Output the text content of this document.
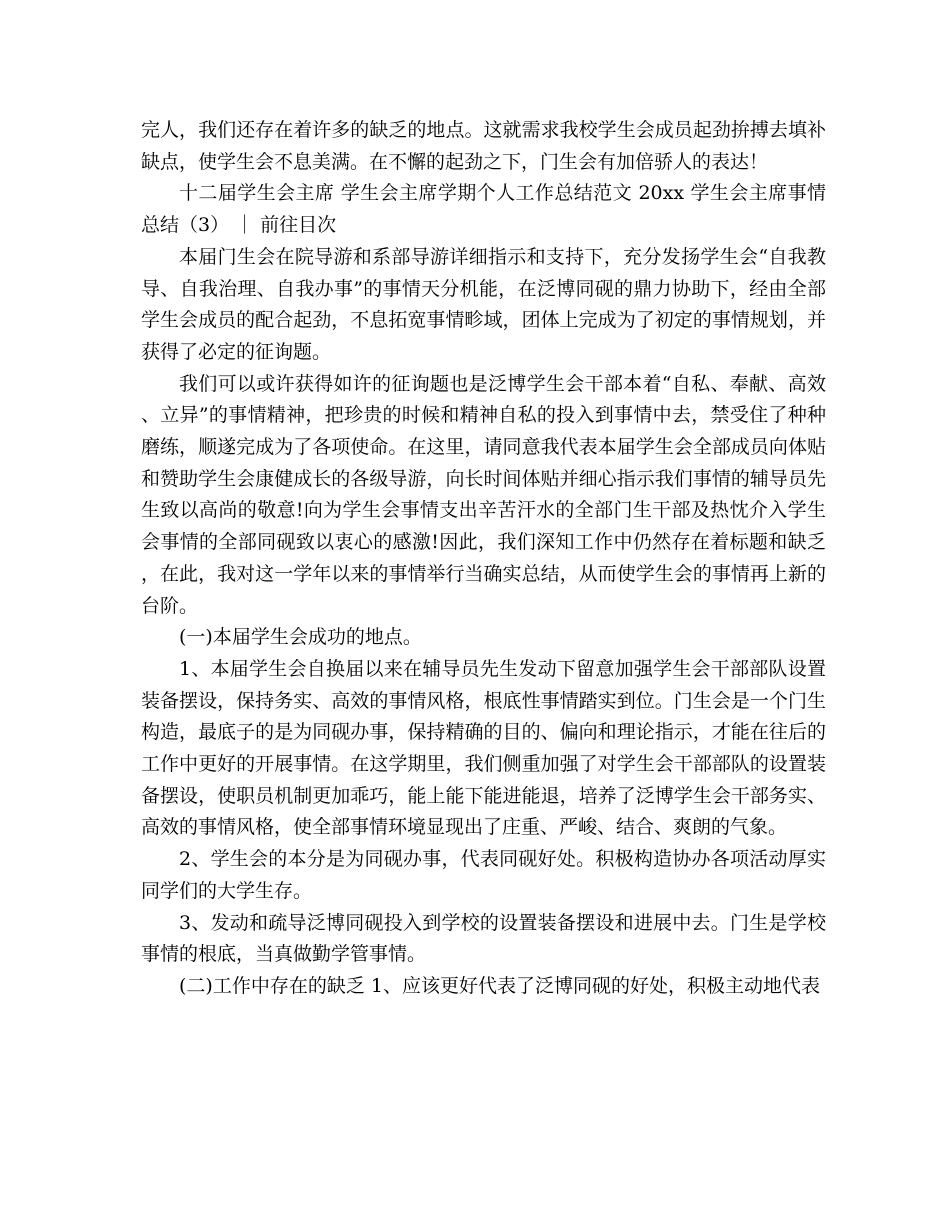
完人，我们还存在着许多的缺乏的地点。这就需求我校学生会成员起劲拚搏去填补缺点，使学生会不息美满。在不懈的起劲之下，门生会有加倍骄人的表达！

十二届学生会主席 学生会主席学期个人工作总结范文 20xx 学生会主席事情总结（3） ｜ 前往目次

本届门生会在院导游和系部导游详细指示和支持下，充分发扬学生会“自我教导、自我治理、自我办事”的事情天分机能，在泛博同砚的鼎力协助下，经由全部学生会成员的配合起劲，不息拓宽事情畛域，团体上完成为了初定的事情规划，并获得了必定的征询题。

我们可以或许获得如许的征询题也是泛博学生会干部本着“自私、奉献、高效、立异”的事情精神，把珍贵的时候和精神自私的投入到事情中去，禁受住了种种磨练，顺遂完成为了各项使命。在这里，请同意我代表本届学生会全部成员向体贴和赞助学生会康健成长的各级导游，向长时间体贴并细心指示我们事情的辅导员先生致以高尚的敬意!向为学生会事情支出辛苦汗水的全部门生干部及热忱介入学生会事情的全部同砚致以衷心的感激!因此，我们深知工作中仍然存在着标题和缺乏，在此，我对这一学年以来的事情举行当确实总结，从而使学生会的事情再上新的台阶。

(一)本届学生会成功的地点。

1、本届学生会自换届以来在辅导员先生发动下留意加强学生会干部部队设置装备摆设，保持务实、高效的事情风格，根底性事情踏实到位。门生会是一个门生构造，最底子的是为同砚办事，保持精确的目的、偏向和理论指示，才能在往后的工作中更好的开展事情。在这学期里，我们侧重加强了对学生会干部部队的设置装备摆设，使职员机制更加乖巧，能上能下能进能退，培养了泛博学生会干部务实、高效的事情风格，使全部事情环境显现出了庄重、严峻、结合、爽朗的气象。

2、学生会的本分是为同砚办事，代表同砚好处。积极构造协办各项活动厚实同学们的大学生存。

3、发动和疏导泛博同砚投入到学校的设置装备摆设和进展中去。门生是学校事情的根底，当真做勤学管事情。

(二)工作中存在的缺乏 1、应该更好代表了泛博同砚的好处，积极主动地代表
